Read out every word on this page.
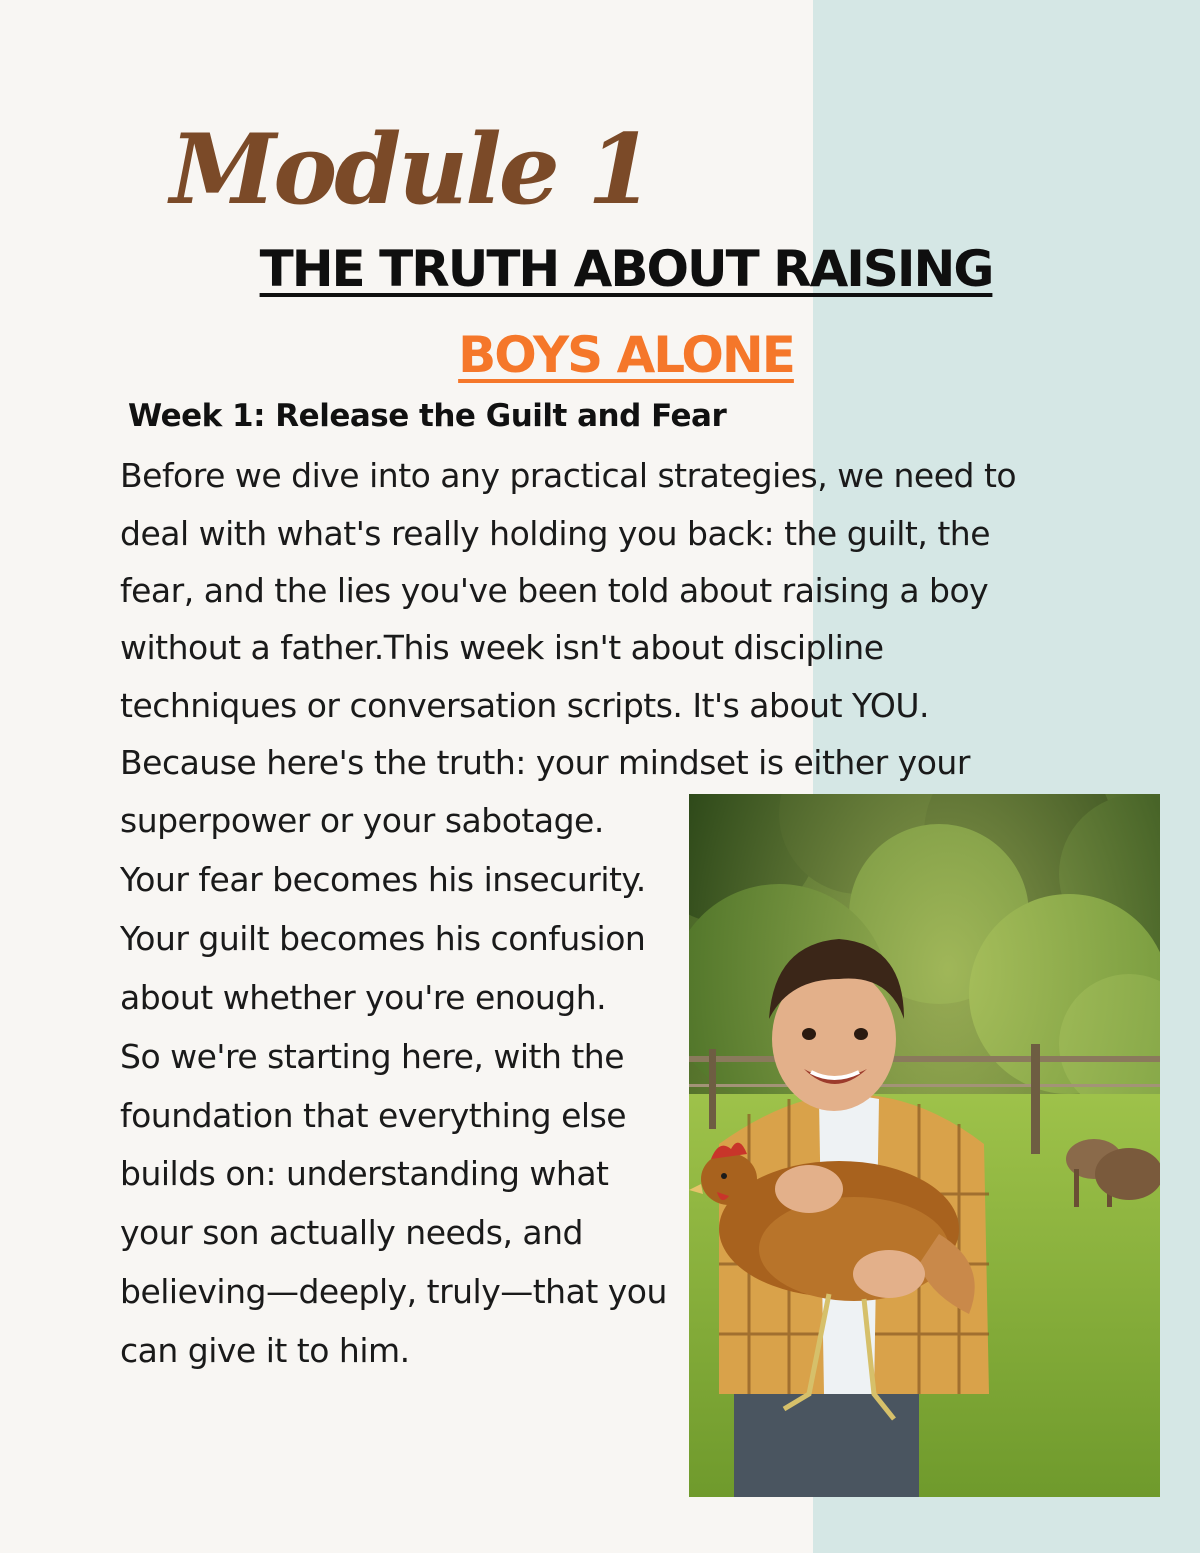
Module 1
THE TRUTH ABOUT RAISING
BOYS ALONE
Week 1: Release the Guilt and Fear

Before we dive into any practical strategies, we need to

deal with what's really holding you back: the guilt, the

fear, and the lies you've been told about raising a boy

without a father.This week isn't about discipline

techniques or conversation scripts. It's about YOU.

Because here's the truth: your mindset is either your

superpower or your sabotage.

Your fear becomes his insecurity.

Your guilt becomes his confusion

about whether you're enough.

So we're starting here, with the

foundation that everything else

builds on: understanding what

your son actually needs, and

believing—deeply, truly—that you

can give it to him.
